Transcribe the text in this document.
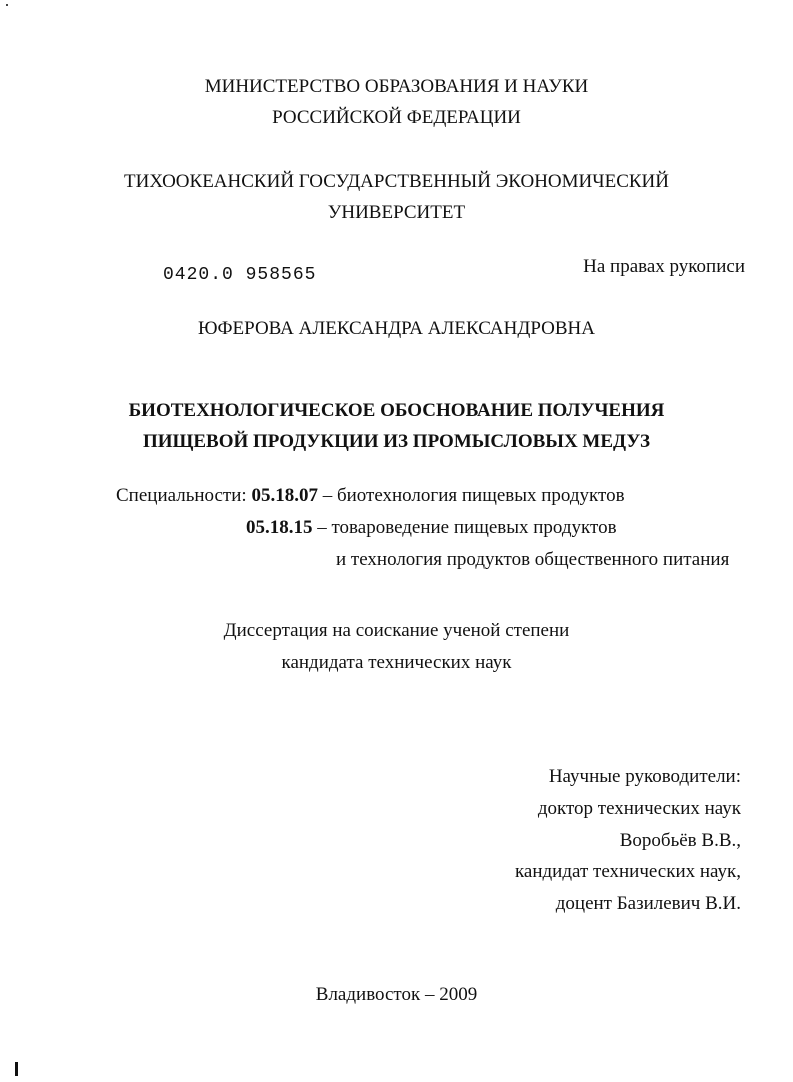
МИНИСТЕРСТВО ОБРАЗОВАНИЯ И НАУКИ
РОССИЙСКОЙ ФЕДЕРАЦИИ
ТИХООКЕАНСКИЙ ГОСУДАРСТВЕННЫЙ ЭКОНОМИЧЕСКИЙ
УНИВЕРСИТЕТ
0420.0 958565	На правах рукописи
ЮФЕРОВА АЛЕКСАНДРА АЛЕКСАНДРОВНА
БИОТЕХНОЛОГИЧЕСКОЕ ОБОСНОВАНИЕ ПОЛУЧЕНИЯ
ПИЩЕВОЙ ПРОДУКЦИИ ИЗ ПРОМЫСЛОВЫХ МЕДУЗ
Специальности: 05.18.07 – биотехнология пищевых продуктов
05.18.15 – товароведение пищевых продуктов
и технология продуктов общественного питания
Диссертация на соискание ученой степени
кандидата технических наук
Научные руководители:
доктор технических наук
Воробьёв В.В.,
кандидат технических наук,
доцент Базилевич В.И.
Владивосток – 2009
